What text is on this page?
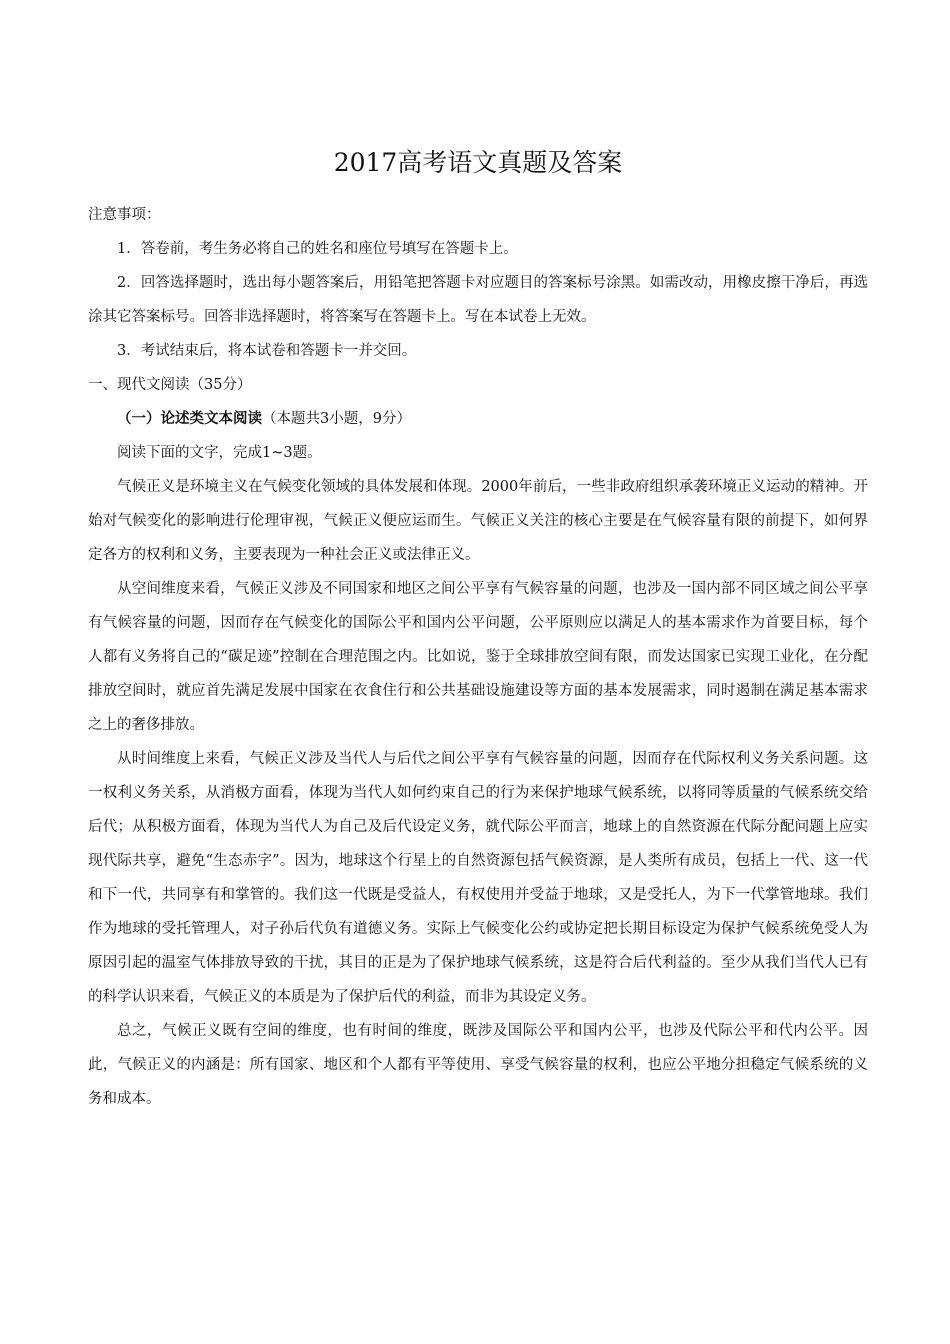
2017高考语文真题及答案

注意事项：

1．答卷前，考生务必将自己的姓名和座位号填写在答题卡上。

2．回答选择题时，选出每小题答案后，用铅笔把答题卡对应题目的答案标号涂黑。如需改动，用橡皮擦干净后，再选涂其它答案标号。回答非选择题时，将答案写在答题卡上。写在本试卷上无效。

3．考试结束后，将本试卷和答题卡一并交回。

一、现代文阅读（35分）

（一）论述类文本阅读（本题共3小题，9分）

阅读下面的文字，完成1~3题。

气候正义是环境主义在气候变化领域的具体发展和体现。2000年前后，一些非政府组织承袭环境正义运动的精神。开始对气候变化的影响进行伦理审视，气候正义便应运而生。气候正义关注的核心主要是在气候容量有限的前提下，如何界定各方的权利和义务，主要表现为一种社会正义或法律正义。

从空间维度来看，气候正义涉及不同国家和地区之间公平享有气候容量的问题，也涉及一国内部不同区域之间公平享有气候容量的问题，因而存在气候变化的国际公平和国内公平问题，公平原则应以满足人的基本需求作为首要目标，每个人都有义务将自己的“碳足迹”控制在合理范围之内。比如说，鉴于全球排放空间有限，而发达国家已实现工业化，在分配排放空间时，就应首先满足发展中国家在衣食住行和公共基础设施建设等方面的基本发展需求，同时遏制在满足基本需求之上的奢侈排放。

从时间维度上来看，气候正义涉及当代人与后代之间公平享有气候容量的问题，因而存在代际权利义务关系问题。这一权利义务关系，从消极方面看，体现为当代人如何约束自己的行为来保护地球气候系统，以将同等质量的气候系统交给后代；从积极方面看，体现为当代人为自己及后代设定义务，就代际公平而言，地球上的自然资源在代际分配问题上应实现代际共享，避免“生态赤字”。因为，地球这个行星上的自然资源包括气候资源，是人类所有成员，包括上一代、这一代和下一代，共同享有和掌管的。我们这一代既是受益人，有权使用并受益于地球，又是受托人，为下一代掌管地球。我们作为地球的受托管理人，对子孙后代负有道德义务。实际上气候变化公约或协定把长期目标设定为保护气候系统免受人为原因引起的温室气体排放导致的干扰，其目的正是为了保护地球气候系统，这是符合后代利益的。至少从我们当代人已有的科学认识来看，气候正义的本质是为了保护后代的利益，而非为其设定义务。

总之，气候正义既有空间的维度，也有时间的维度，既涉及国际公平和国内公平，也涉及代际公平和代内公平。因此，气候正义的内涵是：所有国家、地区和个人都有平等使用、享受气候容量的权利，也应公平地分担稳定气候系统的义务和成本。
